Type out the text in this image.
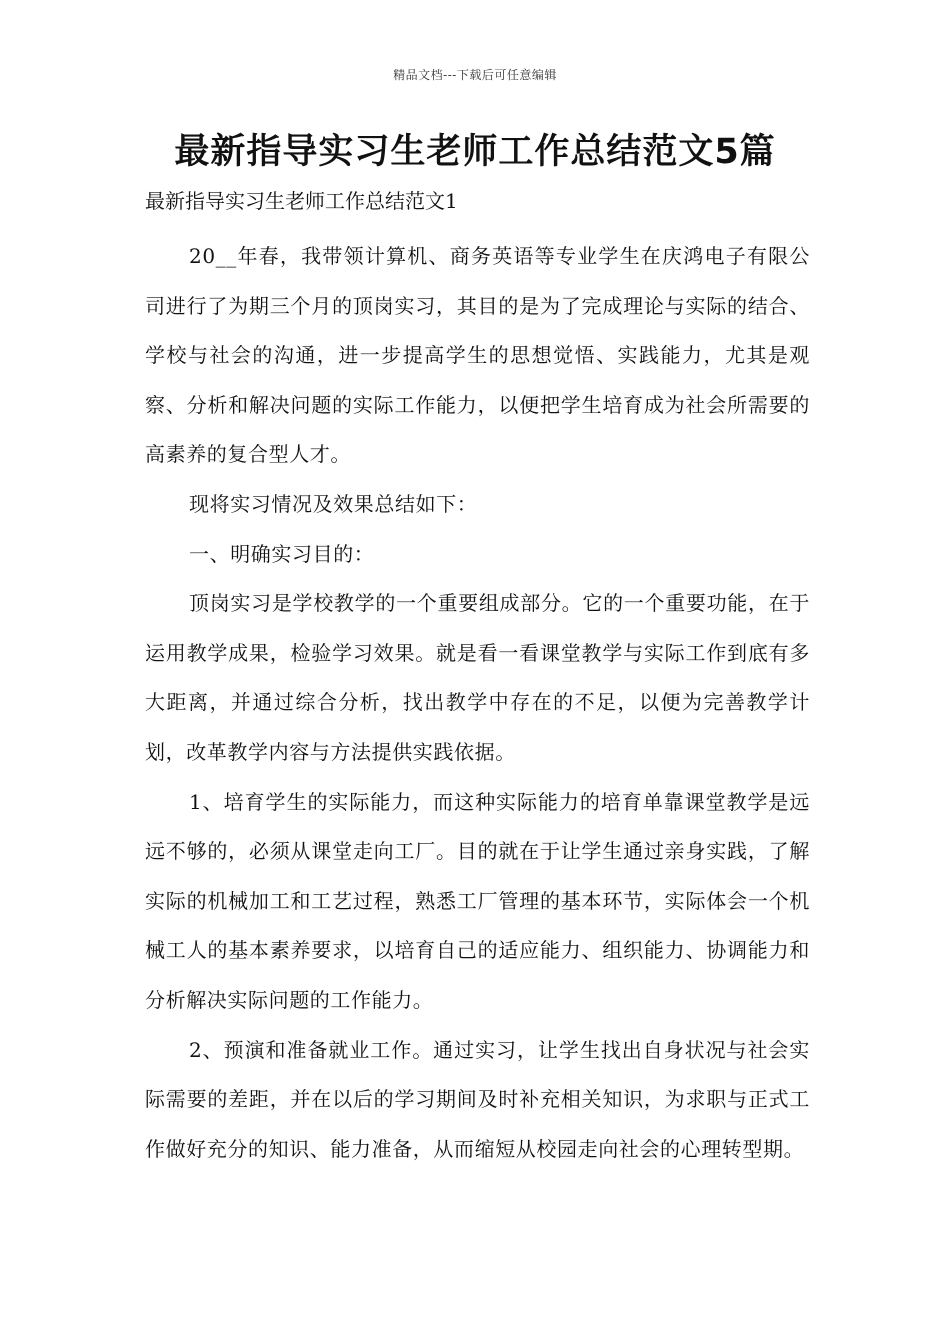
精品文档---下载后可任意编辑
最新指导实习生老师工作总结范文5篇

最新指导实习生老师工作总结范文1

20__年春，我带领计算机、商务英语等专业学生在庆鸿电子有限公司进行了为期三个月的顶岗实习，其目的是为了完成理论与实际的结合、学校与社会的沟通，进一步提高学生的思想觉悟、实践能力，尤其是观察、分析和解决问题的实际工作能力，以便把学生培育成为社会所需要的高素养的复合型人才。

现将实习情况及效果总结如下：

一、明确实习目的：

顶岗实习是学校教学的一个重要组成部分。它的一个重要功能，在于运用教学成果，检验学习效果。就是看一看课堂教学与实际工作到底有多大距离，并通过综合分析，找出教学中存在的不足，以便为完善教学计划，改革教学内容与方法提供实践依据。

1、培育学生的实际能力，而这种实际能力的培育单靠课堂教学是远远不够的，必须从课堂走向工厂。目的就在于让学生通过亲身实践，了解实际的机械加工和工艺过程，熟悉工厂管理的基本环节，实际体会一个机械工人的基本素养要求，以培育自己的适应能力、组织能力、协调能力和分析解决实际问题的工作能力。

2、预演和准备就业工作。通过实习，让学生找出自身状况与社会实际需要的差距，并在以后的学习期间及时补充相关知识，为求职与正式工作做好充分的知识、能力准备，从而缩短从校园走向社会的心理转型期。
